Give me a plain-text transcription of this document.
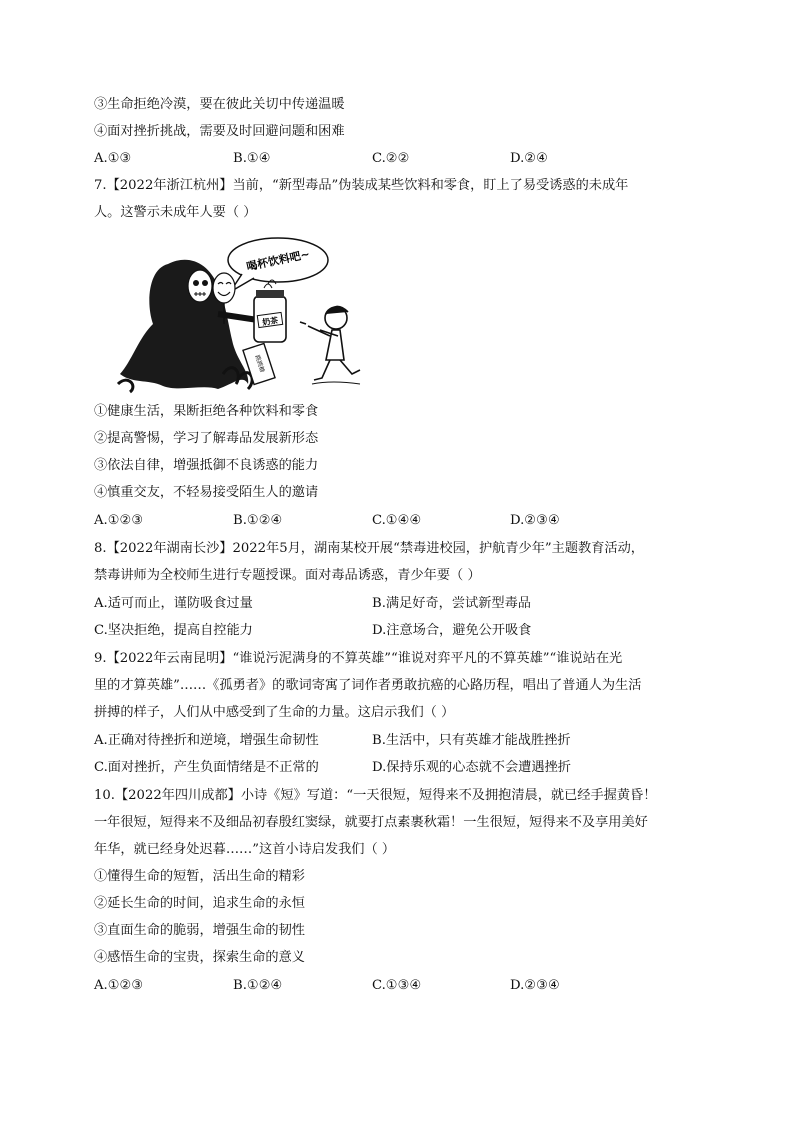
③生命拒绝冷漠，要在彼此关切中传递温暖
④面对挫折挑战，需要及时回避问题和困难
A.①③	B.①④	C.②②	D.②④
7.【2022年浙江杭州】当前，“新型毒品”伪装成某些饮料和零食，盯上了易受诱惑的未成年
人。这警示未成年人要（ ）
喝杯饮料吧~
奶茶
跳跳糖
①健康生活，果断拒绝各种饮料和零食
②提高警惕，学习了解毒品发展新形态
③依法自律，增强抵御不良诱惑的能力
④慎重交友，不轻易接受陌生人的邀请
A.①②③	B.①②④	C.①④④	D.②③④
8.【2022年湖南长沙】2022年5月，湖南某校开展“禁毒进校园，护航青少年”主题教育活动，
禁毒讲师为全校师生进行专题授课。面对毒品诱惑，青少年要（ ）
A.适可而止，谨防吸食过量	B.满足好奇，尝试新型毒品
C.坚决拒绝，提高自控能力	D.注意场合，避免公开吸食
9.【2022年云南昆明】“谁说污泥满身的不算英雄”“谁说对弈平凡的不算英雄”“谁说站在光
里的才算英雄”……《孤勇者》的歌词寄寓了词作者勇敢抗癌的心路历程，唱出了普通人为生活
拼搏的样子，人们从中感受到了生命的力量。这启示我们（ ）
A.正确对待挫折和逆境，增强生命韧性	B.生活中，只有英雄才能战胜挫折
C.面对挫折，产生负面情绪是不正常的	D.保持乐观的心态就不会遭遇挫折
10.【2022年四川成都】小诗《短》写道：“一天很短，短得来不及拥抱清晨，就已经手握黄昏！
一年很短，短得来不及细品初春殷红窦绿，就要打点素裹秋霜！一生很短，短得来不及享用美好
年华，就已经身处迟暮……”这首小诗启发我们（ ）
①懂得生命的短暂，活出生命的精彩
②延长生命的时间，追求生命的永恒
③直面生命的脆弱，增强生命的韧性
④感悟生命的宝贵，探索生命的意义
A.①②③	B.①②④	C.①③④	D.②③④
